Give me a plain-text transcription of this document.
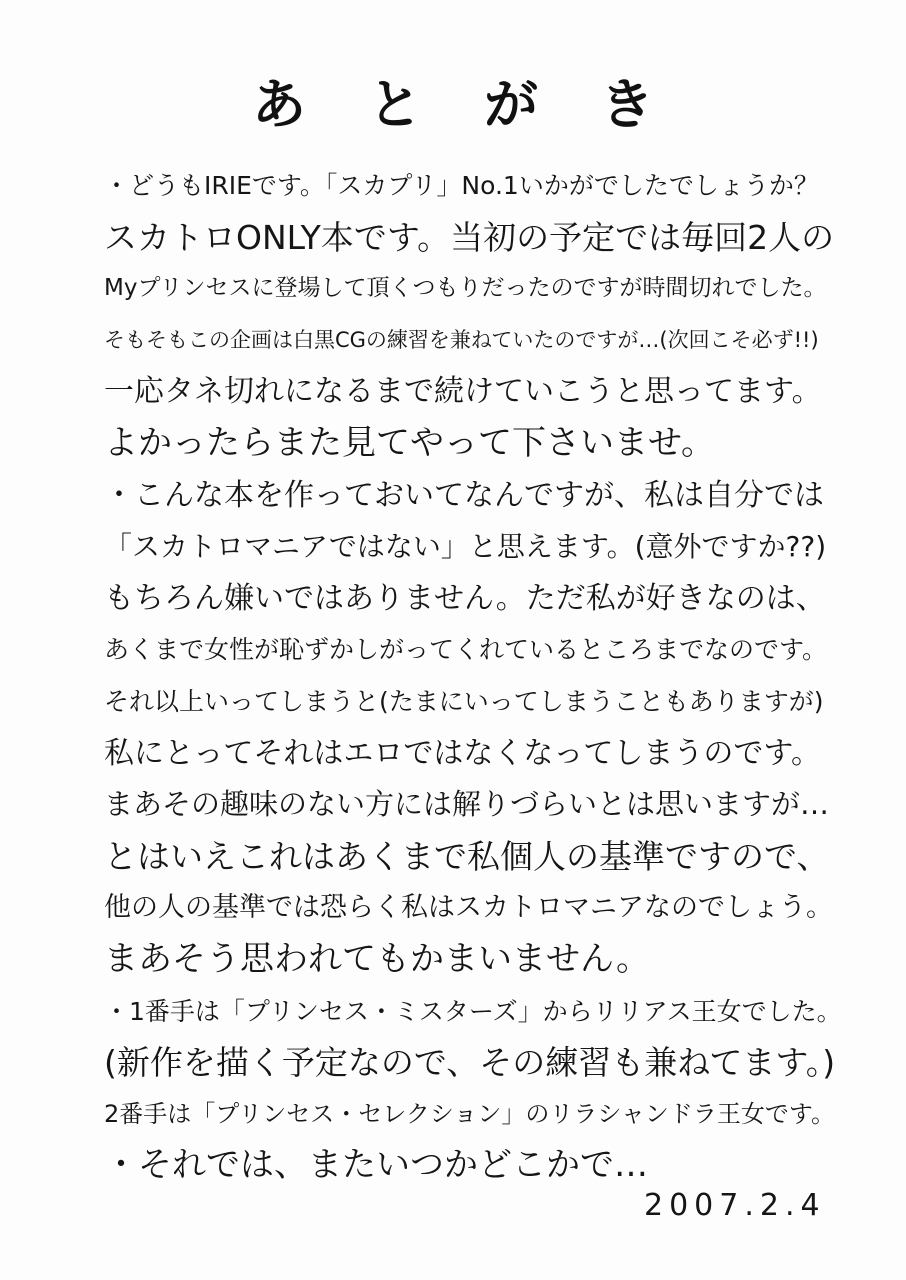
あとがき
・どうもIRIEです。「スカプリ」No.1いかがでしたでしょうか？
スカトロONLY本です。当初の予定では毎回2人の
Myプリンセスに登場して頂くつもりだったのですが時間切れでした。
そもそもこの企画は白黒CGの練習を兼ねていたのですが…(次回こそ必ず!!)
一応タネ切れになるまで続けていこうと思ってます。
よかったらまた見てやって下さいませ。
・こんな本を作っておいてなんですが、私は自分では
「スカトロマニアではない」と思えます。(意外ですか??)
もちろん嫌いではありません。ただ私が好きなのは、
あくまで女性が恥ずかしがってくれているところまでなのです。
それ以上いってしまうと(たまにいってしまうこともありますが)
私にとってそれはエロではなくなってしまうのです。
まあその趣味のない方には解りづらいとは思いますが…
とはいえこれはあくまで私個人の基準ですので、
他の人の基準では恐らく私はスカトロマニアなのでしょう。
まあそう思われてもかまいません。
・1番手は「プリンセス・ミスターズ」からリリアス王女でした。
(新作を描く予定なので、その練習も兼ねてます。)
2番手は「プリンセス・セレクション」のリラシャンドラ王女です。
・それでは、またいつかどこかで…
2007.2.4
